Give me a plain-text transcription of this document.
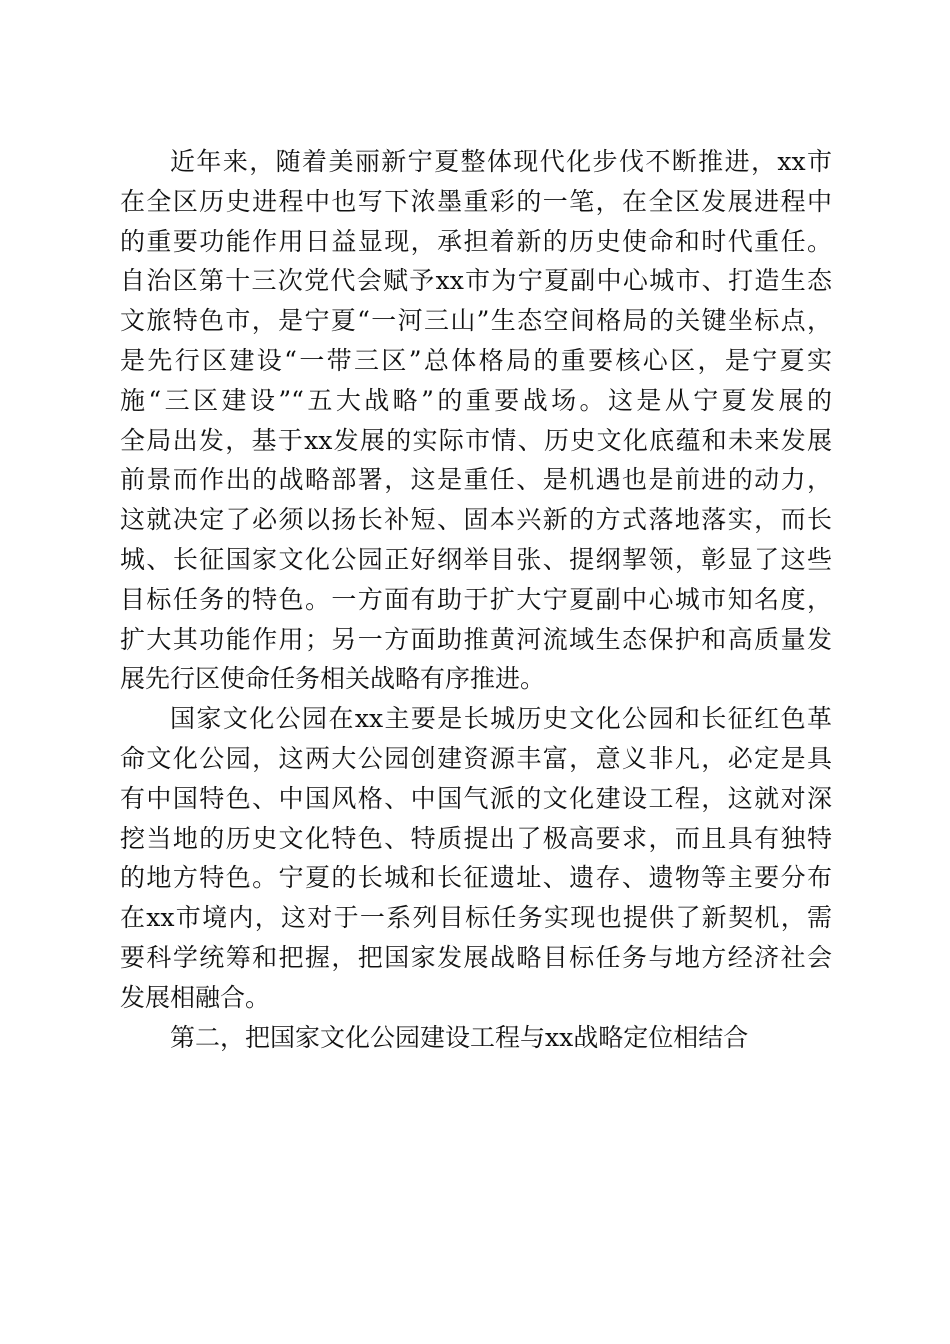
近年来，随着美丽新宁夏整体现代化步伐不断推进，xx市
在全区历史进程中也写下浓墨重彩的一笔，在全区发展进程中
的重要功能作用日益显现，承担着新的历史使命和时代重任。
自治区第十三次党代会赋予xx市为宁夏副中心城市、打造生态
文旅特色市，是宁夏“一河三山”生态空间格局的关键坐标点，
是先行区建设“一带三区”总体格局的重要核心区，是宁夏实
施“三区建设”“五大战略”的重要战场。这是从宁夏发展的
全局出发，基于xx发展的实际市情、历史文化底蕴和未来发展
前景而作出的战略部署，这是重任、是机遇也是前进的动力，
这就决定了必须以扬长补短、固本兴新的方式落地落实，而长
城、长征国家文化公园正好纲举目张、提纲挈领，彰显了这些
目标任务的特色。一方面有助于扩大宁夏副中心城市知名度，
扩大其功能作用；另一方面助推黄河流域生态保护和高质量发
展先行区使命任务相关战略有序推进。
国家文化公园在xx主要是长城历史文化公园和长征红色革
命文化公园，这两大公园创建资源丰富，意义非凡，必定是具
有中国特色、中国风格、中国气派的文化建设工程，这就对深
挖当地的历史文化特色、特质提出了极高要求，而且具有独特
的地方特色。宁夏的长城和长征遗址、遗存、遗物等主要分布
在xx市境内，这对于一系列目标任务实现也提供了新契机，需
要科学统筹和把握，把国家发展战略目标任务与地方经济社会
发展相融合。
第二，把国家文化公园建设工程与xx战略定位相结合
